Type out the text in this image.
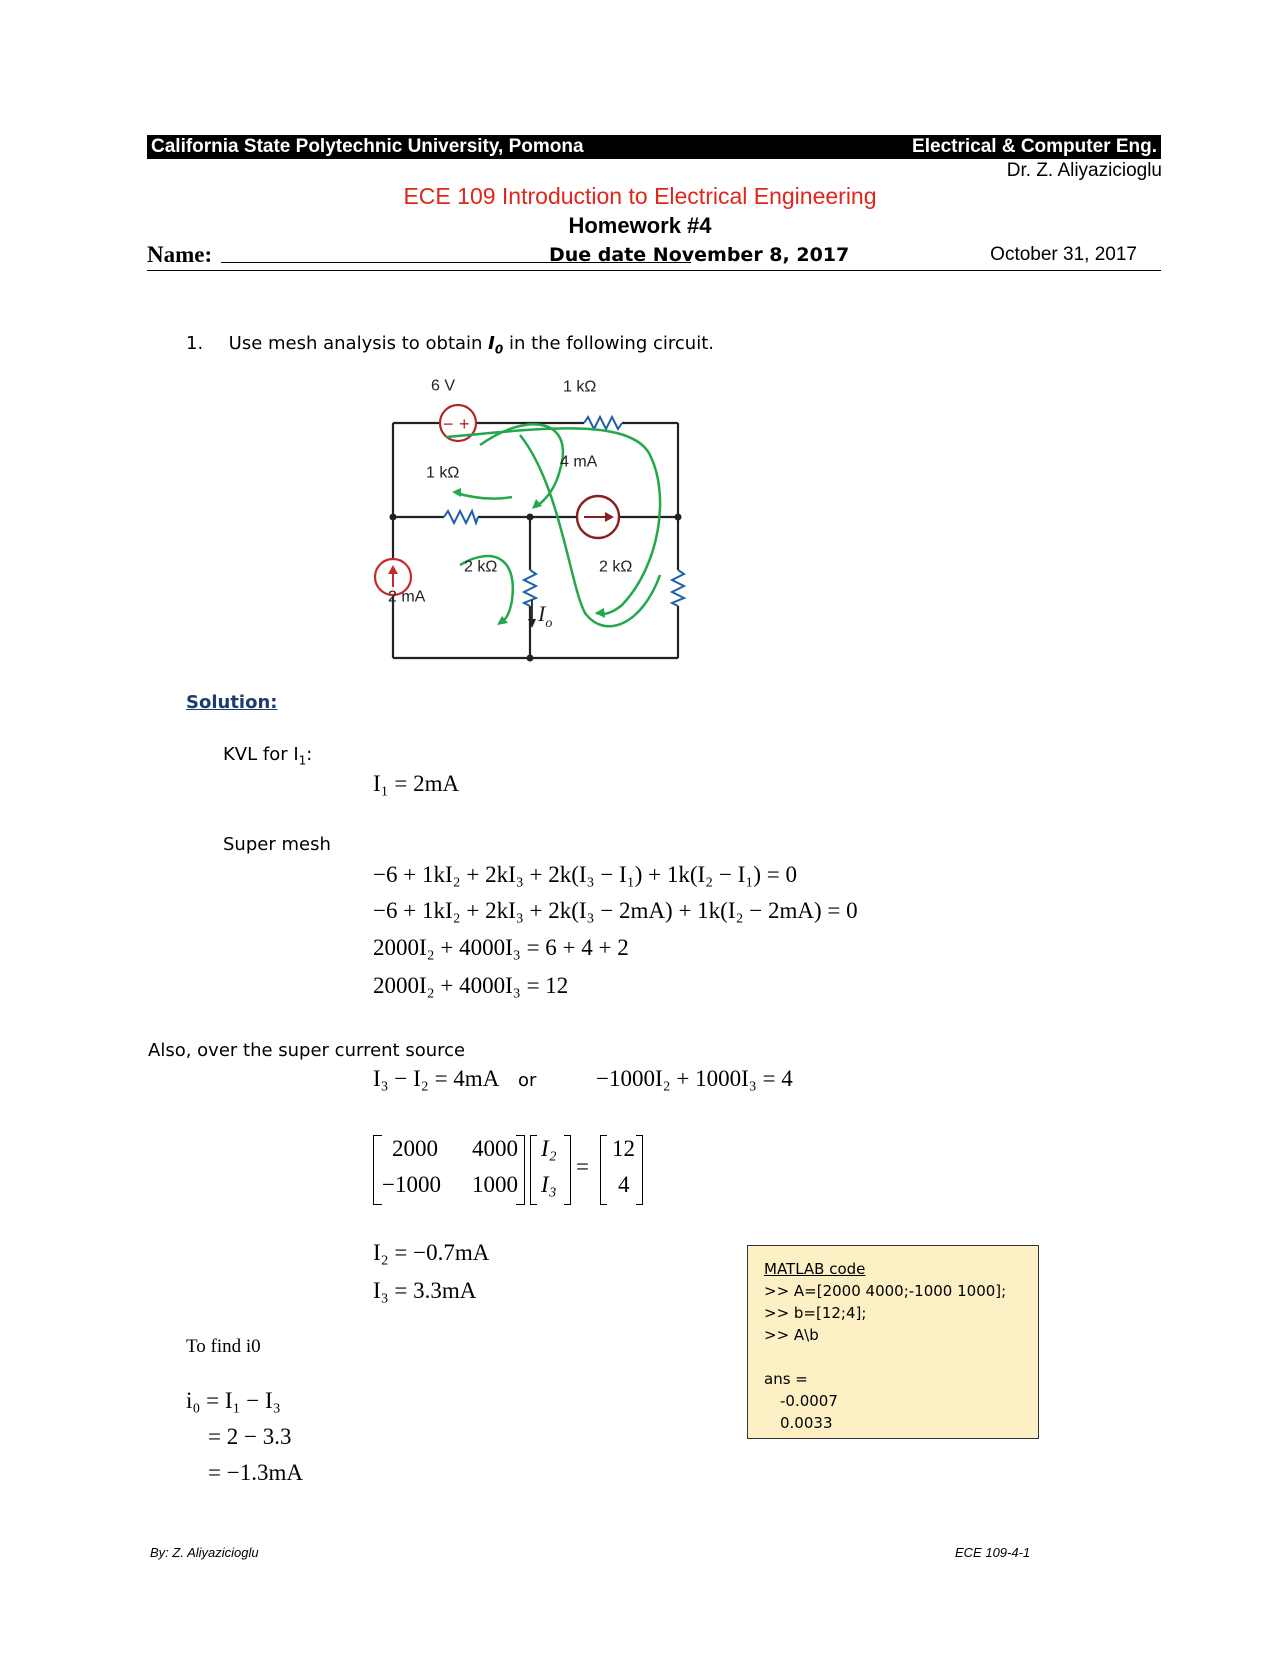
California State Polytechnic University, Pomona	Electrical & Computer Eng.
Dr. Z. Aliyazicioglu
ECE 109 Introduction to Electrical Engineering
Homework #4
Name:	Due date November 8, 2017	October 31, 2017
1. Use mesh analysis to obtain $I_0$ in the following circuit.
− +
6 V	1 kΩ
1 kΩ
4 mA
2 kΩ	2 kΩ
2 mA
$I_o$
Solution:
KVL for $I_1$:
I₁ = 2mA
Super mesh
−6 + 1kI₂ + 2kI₃ + 2k(I₃ − I₁) + 1k(I₂ − I₁) = 0
−6 + 1kI₂ + 2kI₃ + 2k(I₃ − 2mA) + 1k(I₂ − 2mA) = 0
2000I₂ + 4000I₃ = 6 + 4 + 2
2000I₂ + 4000I₃ = 12
Also, over the super current source
I₃ − I₂ = 4mA or	−1000I₂ + 1000I₃ = 4
2000 4000
−1000 1000
I₂
I₃
=
12
4
I₂ = −0.7mA
I₃ = 3.3mA
MATLAB code
>> A=[2000 4000;-1000 1000];
>> b=[12;4];
>> A\b
ans =
-0.0007
0.0033
To find i0
i₀ = I₁ − I₃
= 2 − 3.3
= −1.3mA
By: Z. Aliyazicioglu	ECE 109-4-1
